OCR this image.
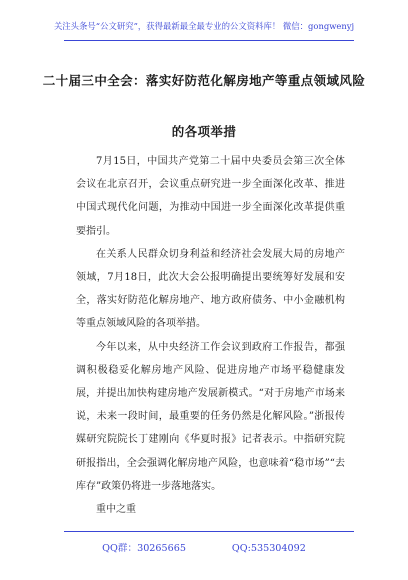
关注头条号“公文研究”，获得最新最全最专业的公文资料库！ 微信：gongwenyj
二十届三中全会：落实好防范化解房地产等重点领域风险
的各项举措

7月15日，中国共产党第二十届中央委员会第三次全体会议在北京召开，会议重点研究进一步全面深化改革、推进中国式现代化问题，为推动中国进一步全面深化改革提供重要指引。

在关系人民群众切身利益和经济社会发展大局的房地产领域，7月18日，此次大会公报明确提出要统筹好发展和安全，落实好防范化解房地产、地方政府债务、中小金融机构等重点领域风险的各项举措。

今年以来，从中央经济工作会议到政府工作报告，都强调积极稳妥化解房地产风险、促进房地产市场平稳健康发展，并提出加快构建房地产发展新模式。“对于房地产市场来说，未来一段时间，最重要的任务仍然是化解风险。”浙报传媒研究院院长丁建刚向《华夏时报》记者表示。中指研究院研报指出，全会强调化解房地产风险，也意味着“稳市场”“去库存”政策仍将进一步落地落实。

重中之重

QQ群：30265665	QQ:535304092
